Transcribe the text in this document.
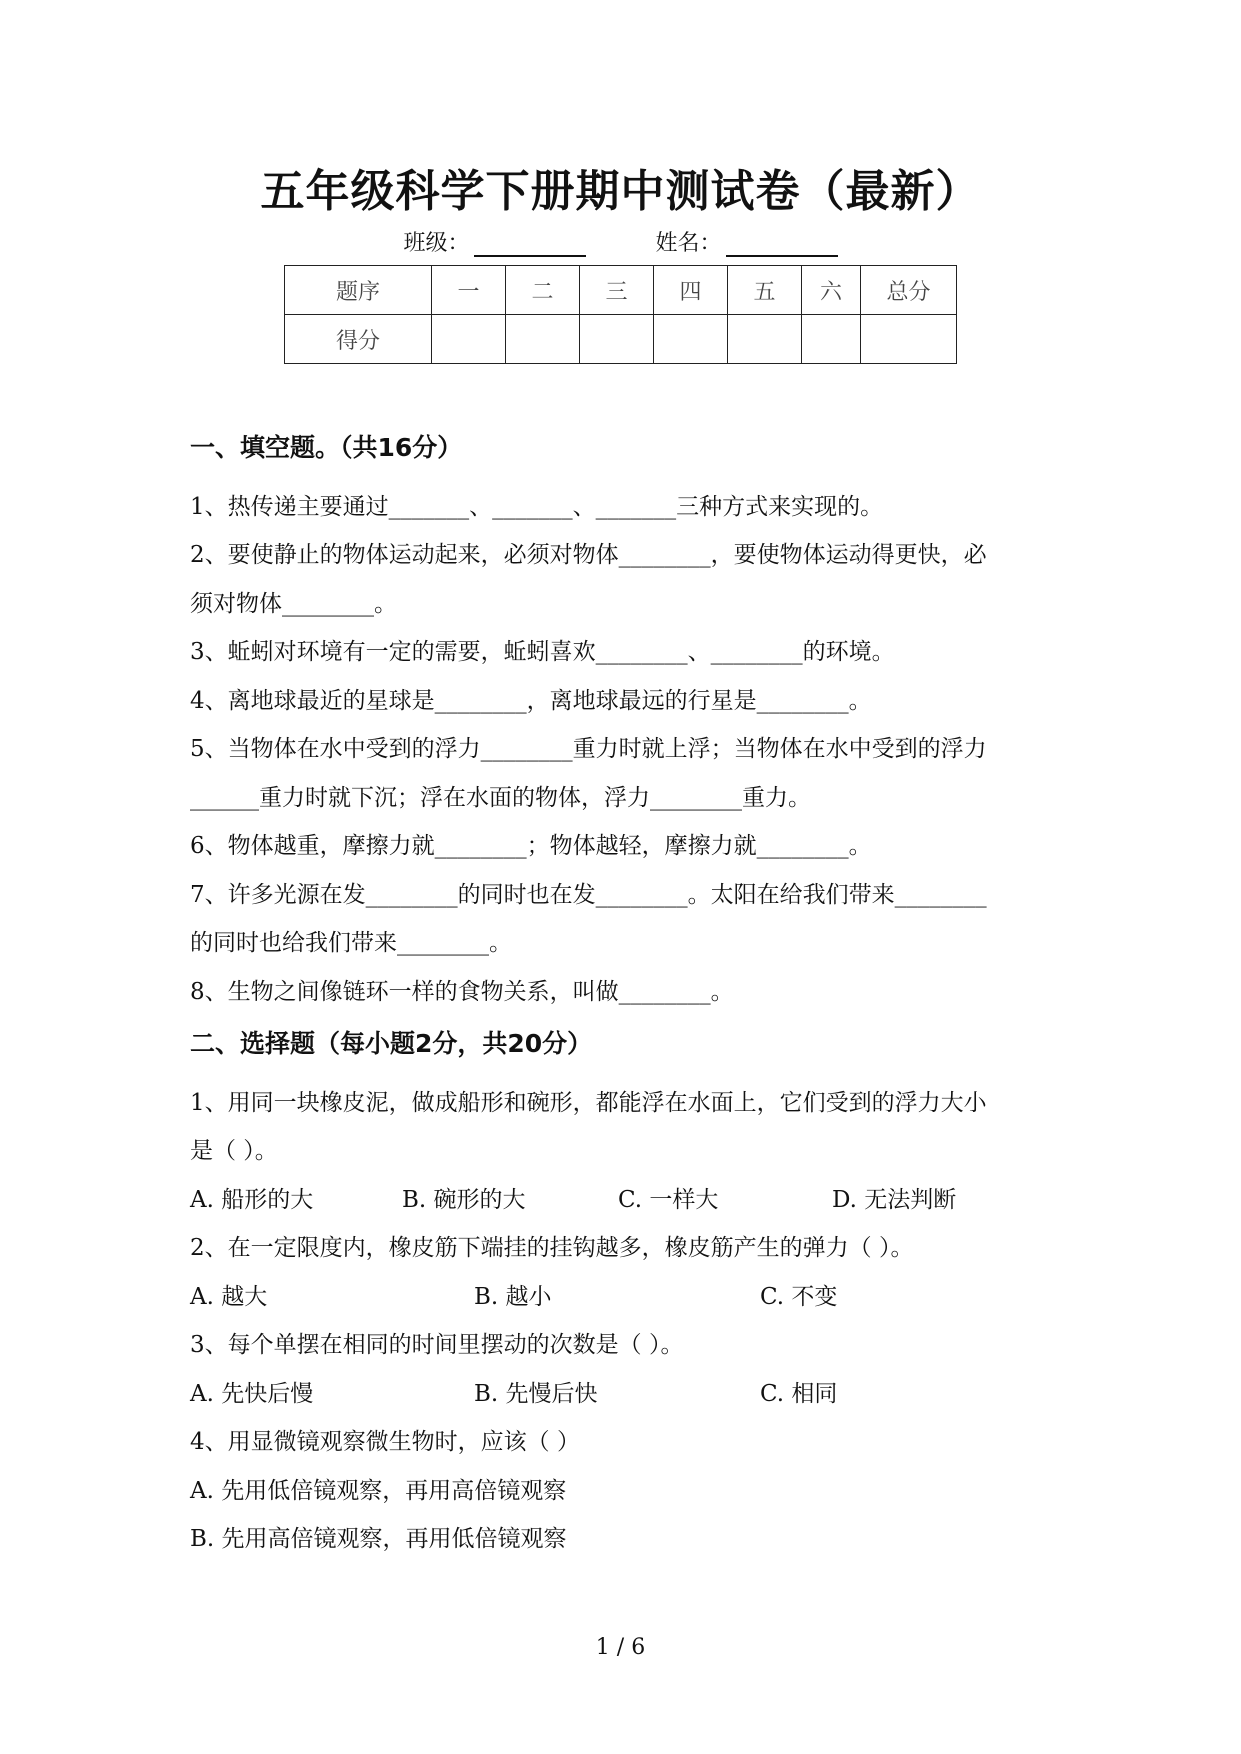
五年级科学下册期中测试卷（最新）
班级：	姓名：
题序	一	二	三	四	五	六	总分
得分							
一、填空题。（共16分）
1、热传递主要通过_______、_______、_______三种方式来实现的。
2、要使静止的物体运动起来，必须对物体________，要使物体运动得更快，必
须对物体________。
3、蚯蚓对环境有一定的需要，蚯蚓喜欢________、________的环境。
4、离地球最近的星球是________，离地球最远的行星是________。
5、当物体在水中受到的浮力________重力时就上浮；当物体在水中受到的浮力
______重力时就下沉；浮在水面的物体，浮力________重力。
6、物体越重，摩擦力就________；物体越轻，摩擦力就________。
7、许多光源在发________的同时也在发________。太阳在给我们带来________
的同时也给我们带来________。
8、生物之间像链环一样的食物关系，叫做________。
二、选择题（每小题2分，共20分）
1、用同一块橡皮泥，做成船形和碗形，都能浮在水面上，它们受到的浮力大小
是（ ）。
A. 船形的大	B. 碗形的大	C. 一样大	D. 无法判断
2、在一定限度内，橡皮筋下端挂的挂钩越多，橡皮筋产生的弹力（ ）。
A. 越大	B. 越小	C. 不变
3、每个单摆在相同的时间里摆动的次数是（ ）。
A. 先快后慢	B. 先慢后快	C. 相同
4、用显微镜观察微生物时，应该（ ）
A. 先用低倍镜观察，再用高倍镜观察
B. 先用高倍镜观察，再用低倍镜观察
1 / 6
